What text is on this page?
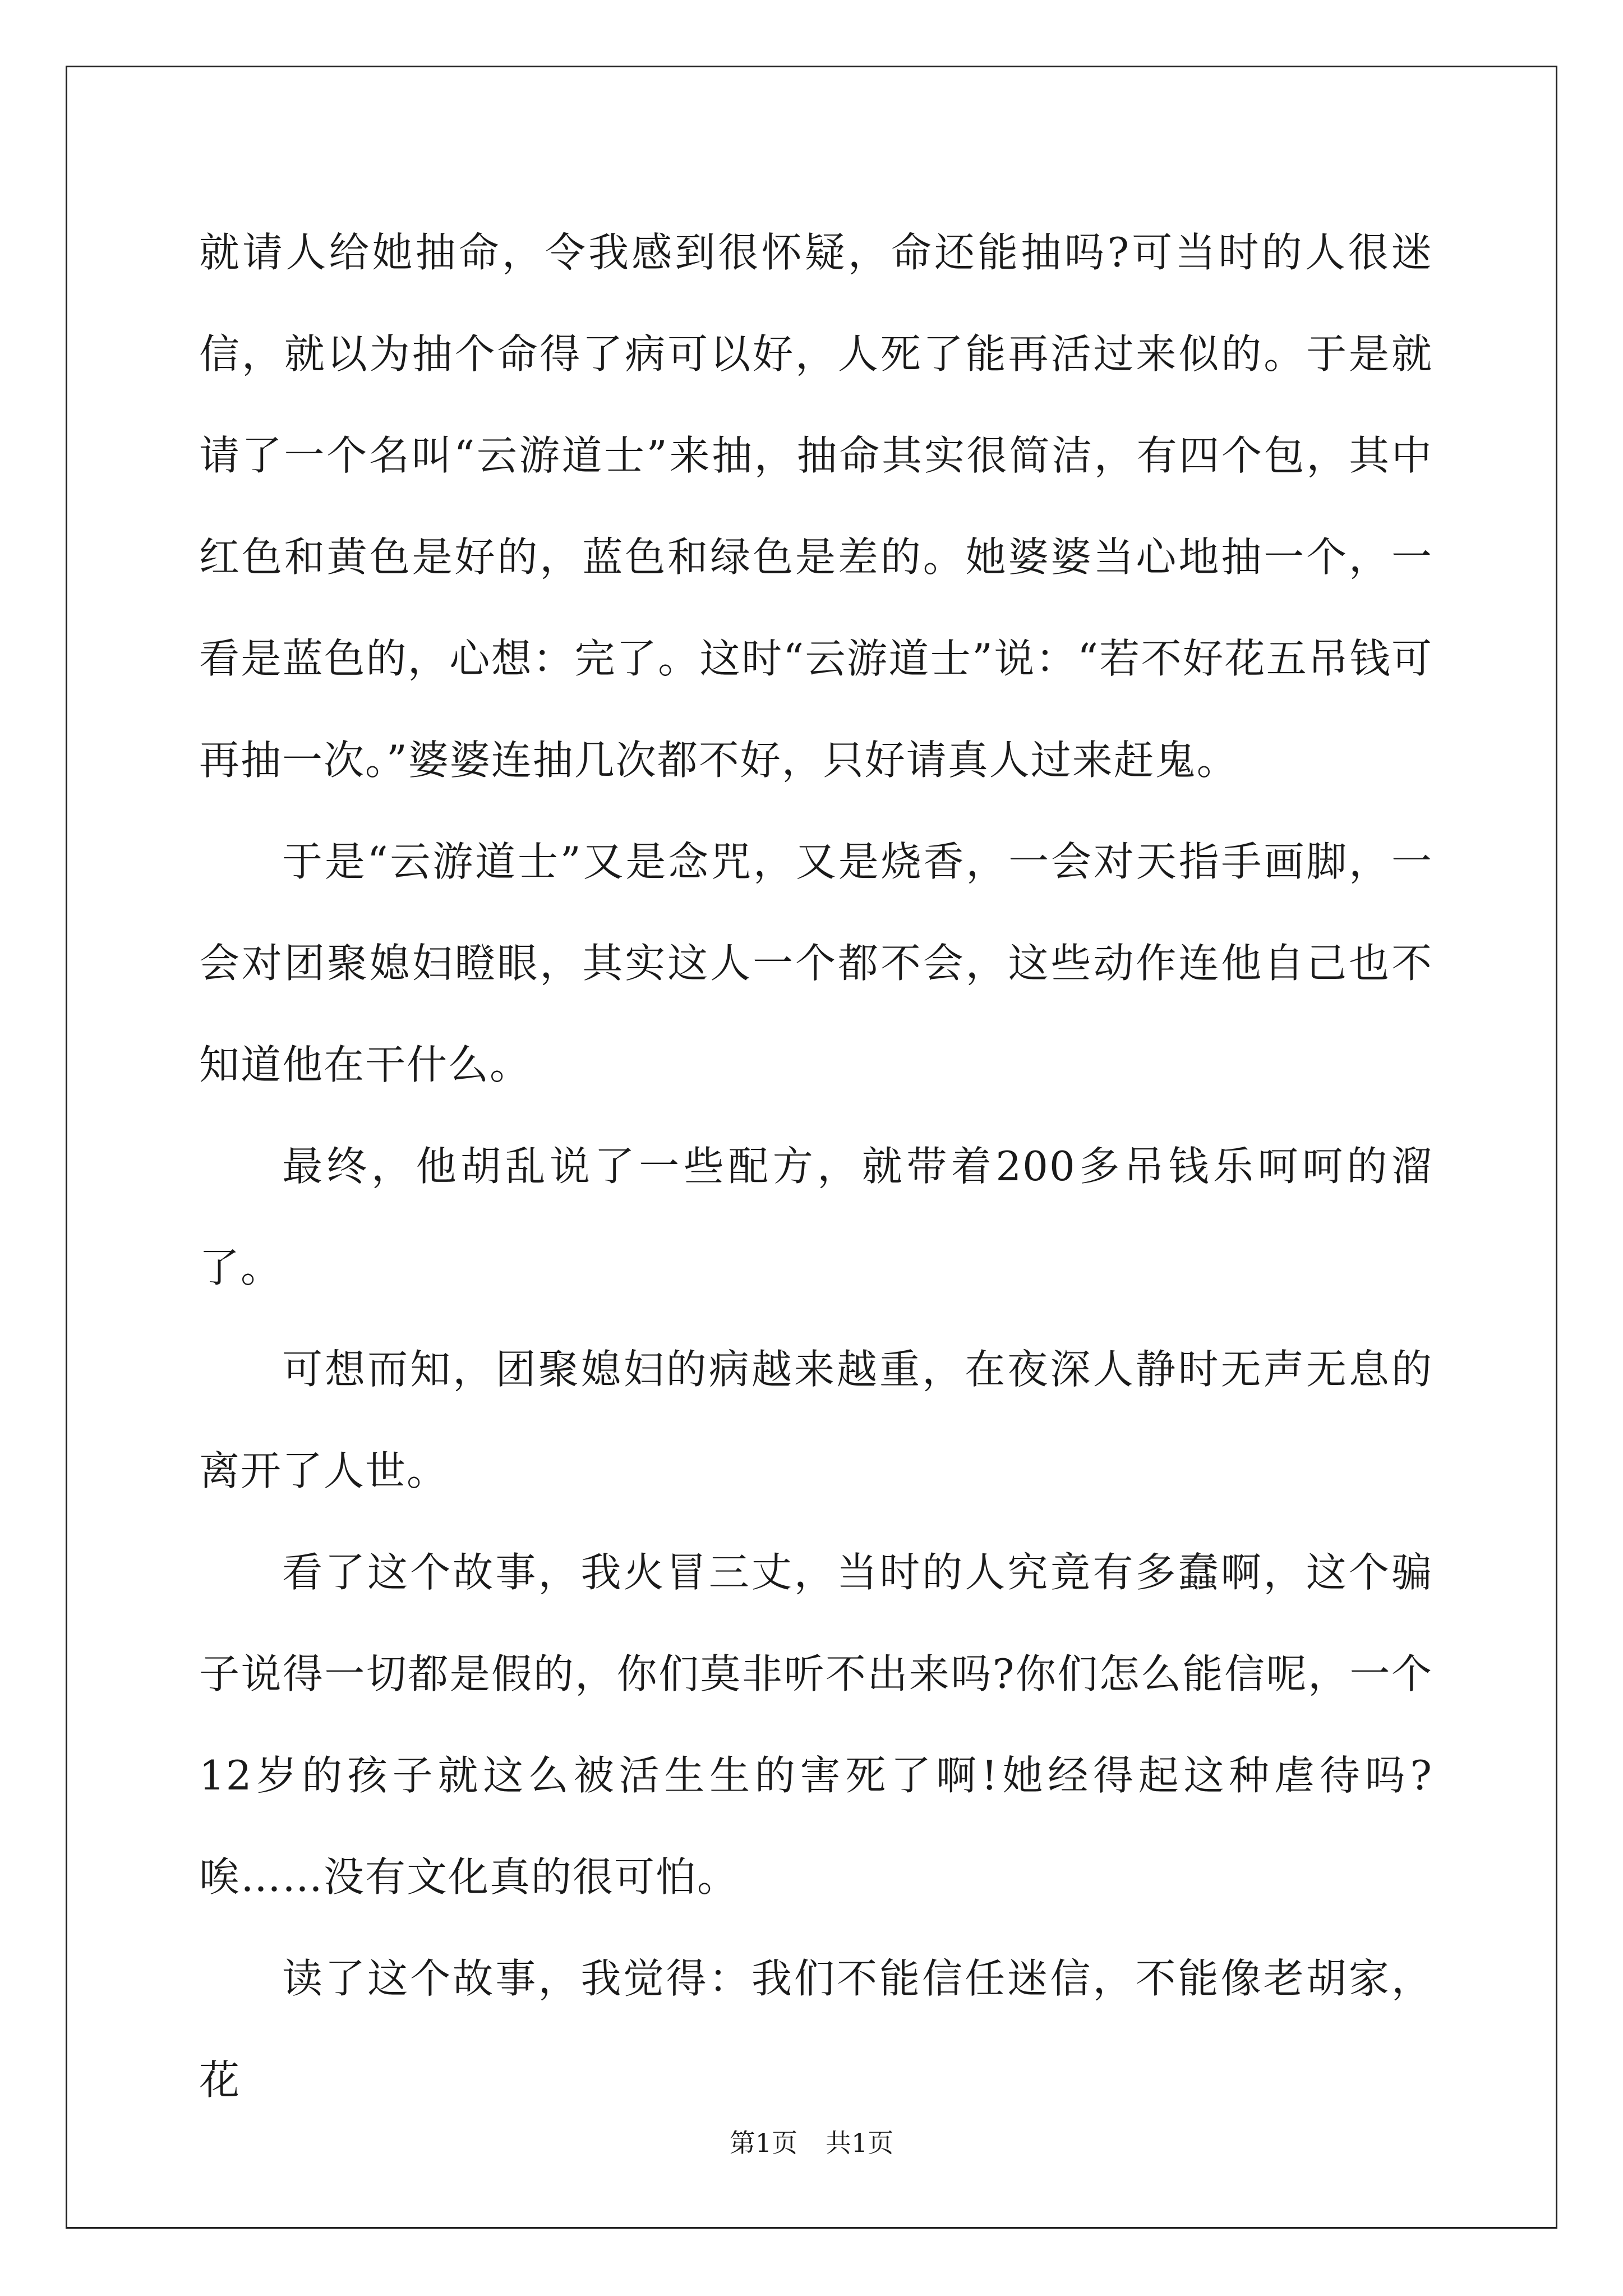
就请人给她抽命，令我感到很怀疑，命还能抽吗?可当时的人很迷信，就以为抽个命得了病可以好，人死了能再活过来似的。于是就请了一个名叫“云游道士”来抽，抽命其实很简洁，有四个包，其中红色和黄色是好的，蓝色和绿色是差的。她婆婆当心地抽一个，一看是蓝色的，心想：完了。这时“云游道士”说：“若不好花五吊钱可再抽一次。”婆婆连抽几次都不好，只好请真人过来赶鬼。

于是“云游道士”又是念咒，又是烧香，一会对天指手画脚，一会对团聚媳妇瞪眼，其实这人一个都不会，这些动作连他自己也不知道他在干什么。

最终，他胡乱说了一些配方，就带着200多吊钱乐呵呵的溜了。

可想而知，团聚媳妇的病越来越重，在夜深人静时无声无息的离开了人世。

看了这个故事，我火冒三丈，当时的人究竟有多蠢啊，这个骗子说得一切都是假的，你们莫非听不出来吗?你们怎么能信呢，一个12岁的孩子就这么被活生生的害死了啊!她经得起这种虐待吗?唉……没有文化真的很可怕。

读了这个故事，我觉得：我们不能信任迷信，不能像老胡家，花

第1页 共1页
